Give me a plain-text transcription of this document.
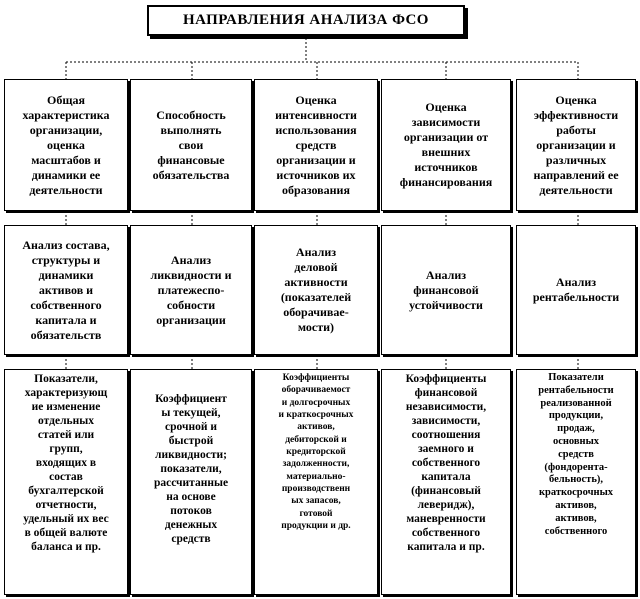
НАПРАВЛЕНИЯ АНАЛИЗА ФСО
Общая
характеристика
организации,
оценка
масштабов и
динамики ее
деятельности
Способность
выполнять
свои
финансовые
обязательства
Оценка
интенсивности
использования
средств
организации и
источников их
образования
Оценка
зависимости
организации от
внешних
источников
финансирования
Оценка
эффективности
работы
организации и
различных
направлений ее
деятельности
Анализ состава,
структуры и
динамики
активов и
собственного
капитала и
обязательств
Анализ
ликвидности и
платежеспо-
собности
организации
Анализ
деловой
активности
(показателей
оборачивае-
мости)
Анализ
финансовой
устойчивости
Анализ
рентабельности
Показатели,
характеризующ
ие изменение
отдельных
статей или
групп,
входящих в
состав
бухгалтерской
отчетности,
удельный их вес
в общей валюте
баланса и пр.
Коэффициент
ы текущей,
срочной и
быстрой
ликвидности;
показатели,
рассчитанные
на основе
потоков
денежных
средств
Коэффициенты
оборачиваемост
и долгосрочных
и краткосрочных
активов,
дебиторской и
кредиторской
задолженности,
материально-
производственн
ых запасов,
готовой
продукции и др.
Коэффициенты
финансовой
независимости,
зависимости,
соотношения
заемного и
собственного
капитала
(финансовый
леверидж),
маневренности
собственного
капитала и пр.
Показатели
рентабельности
реализованной
продукции,
продаж,
основных
средств
(фондорента-
бельность),
краткосрочных
активов,
активов,
собственного
